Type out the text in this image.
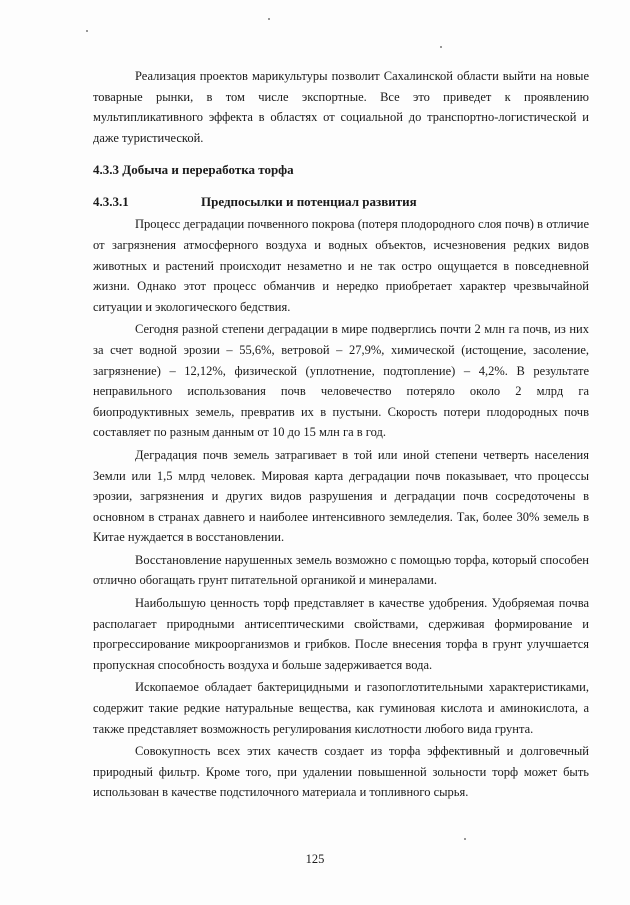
Реализация проектов марикультуры позволит Сахалинской области выйти на новые товарные рынки, в том числе экспортные. Все это приведет к проявлению мультипликативного эффекта в областях от социальной до транспортно-логистической и даже туристической.

4.3.3 Добыча и переработка торфа
4.3.3.1	Предпосылки и потенциал развития

Процесс деградации почвенного покрова (потеря плодородного слоя почв) в отличие от загрязнения атмосферного воздуха и водных объектов, исчезновения редких видов животных и растений происходит незаметно и не так остро ощущается в повседневной жизни. Однако этот процесс обманчив и нередко приобретает характер чрезвычайной ситуации и экологического бедствия.

Сегодня разной степени деградации в мире подверглись почти 2 млн га почв, из них за счет водной эрозии – 55,6%, ветровой – 27,9%, химической (истощение, засоление, загрязнение) – 12,12%, физической (уплотнение, подтопление) – 4,2%. В результате неправильного использования почв человечество потеряло около 2 млрд га биопродуктивных земель, превратив их в пустыни. Скорость потери плодородных почв составляет по разным данным от 10 до 15 млн га в год.

Деградация почв земель затрагивает в той или иной степени четверть населения Земли или 1,5 млрд человек. Мировая карта деградации почв показывает, что процессы эрозии, загрязнения и других видов разрушения и деградации почв сосредоточены в основном в странах давнего и наиболее интенсивного земледелия. Так, более 30% земель в Китае нуждается в восстановлении.

Восстановление нарушенных земель возможно с помощью торфа, который способен отлично обогащать грунт питательной органикой и минералами.

Наибольшую ценность торф представляет в качестве удобрения. Удобряемая почва располагает природными антисептическими свойствами, сдерживая формирование и прогрессирование микроорганизмов и грибков. После внесения торфа в грунт улучшается пропускная способность воздуха и больше задерживается вода.

Ископаемое обладает бактерицидными и газопоглотительными характеристиками, содержит такие редкие натуральные вещества, как гуминовая кислота и аминокислота, а также представляет возможность регулирования кислотности любого вида грунта.

Совокупность всех этих качеств создает из торфа эффективный и долговечный природный фильтр. Кроме того, при удалении повышенной зольности торф может быть использован в качестве подстилочного материала и топливного сырья.

125
